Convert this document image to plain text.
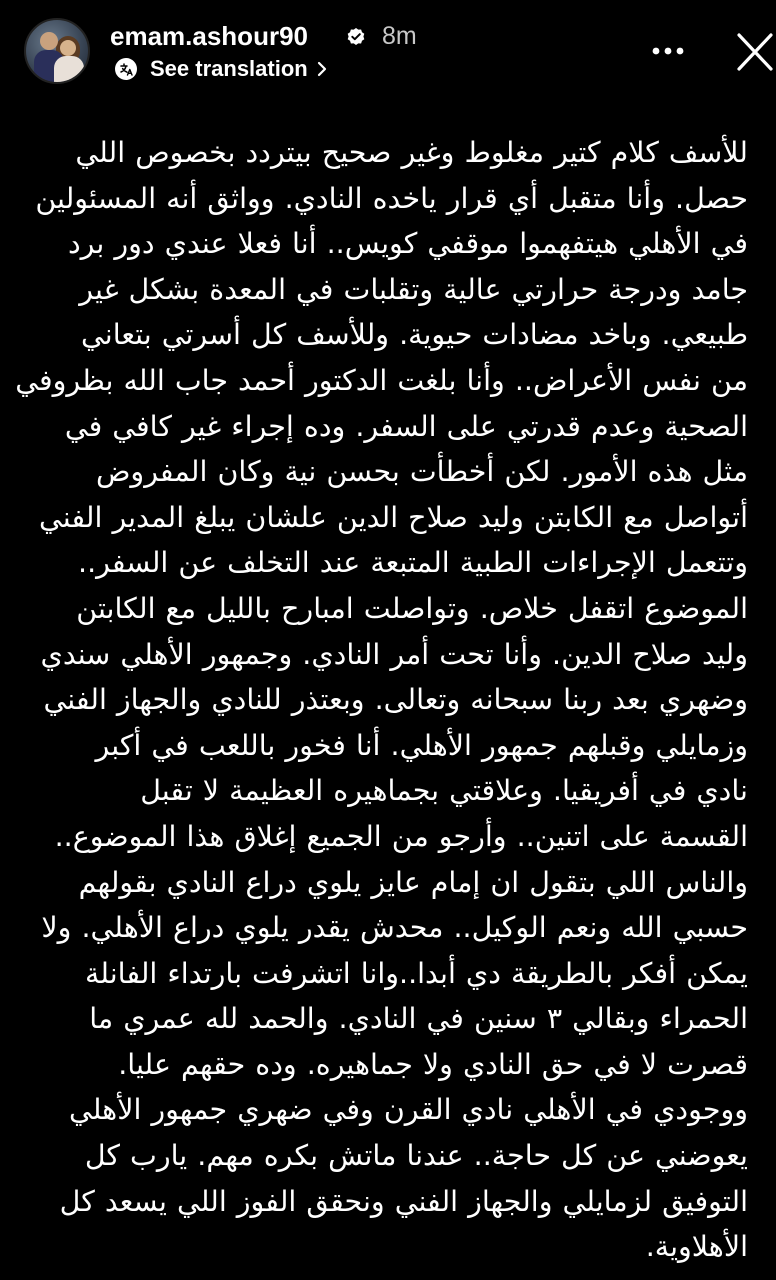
emam.ashour90	8m
See translation
للأسف كلام كتير مغلوط وغير صحيح بيتردد بخصوص اللي
حصل. وأنا متقبل أي قرار ياخده النادي. وواثق أنه المسئولين
في الأهلي هيتفهموا موقفي كويس.. أنا فعلا عندي دور برد
جامد ودرجة حرارتي عالية وتقلبات في المعدة بشكل غير
طبيعي. وباخد مضادات حيوية. وللأسف كل أسرتي بتعاني
من نفس الأعراض.. وأنا بلغت الدكتور أحمد جاب الله بظروفي
الصحية وعدم قدرتي على السفر. وده إجراء غير كافي في
مثل هذه الأمور. لكن أخطأت بحسن نية وكان المفروض
أتواصل مع الكابتن وليد صلاح الدين علشان يبلغ المدير الفني
وتتعمل الإجراءات الطبية المتبعة عند التخلف عن السفر..
الموضوع اتقفل خلاص. وتواصلت امبارح بالليل مع الكابتن
وليد صلاح الدين. وأنا تحت أمر النادي. وجمهور الأهلي سندي
وضهري بعد ربنا سبحانه وتعالى. وبعتذر للنادي والجهاز الفني
وزمايلي وقبلهم جمهور الأهلي. أنا فخور باللعب في أكبر
نادي في أفريقيا. وعلاقتي بجماهيره العظيمة لا تقبل
القسمة على اتنين.. وأرجو من الجميع إغلاق هذا الموضوع..
والناس اللي بتقول ان إمام عايز يلوي دراع النادي بقولهم
حسبي الله ونعم الوكيل.. محدش يقدر يلوي دراع الأهلي. ولا
يمكن أفكر بالطريقة دي أبدا..وانا اتشرفت بارتداء الفانلة
الحمراء وبقالي ٣ سنين في النادي. والحمد لله عمري ما
قصرت لا في حق النادي ولا جماهيره. وده حقهم عليا.
ووجودي في الأهلي نادي القرن وفي ضهري جمهور الأهلي
يعوضني عن كل حاجة.. عندنا ماتش بكره مهم. يارب كل
التوفيق لزمايلي والجهاز الفني ونحقق الفوز اللي يسعد كل
الأهلاوية.
